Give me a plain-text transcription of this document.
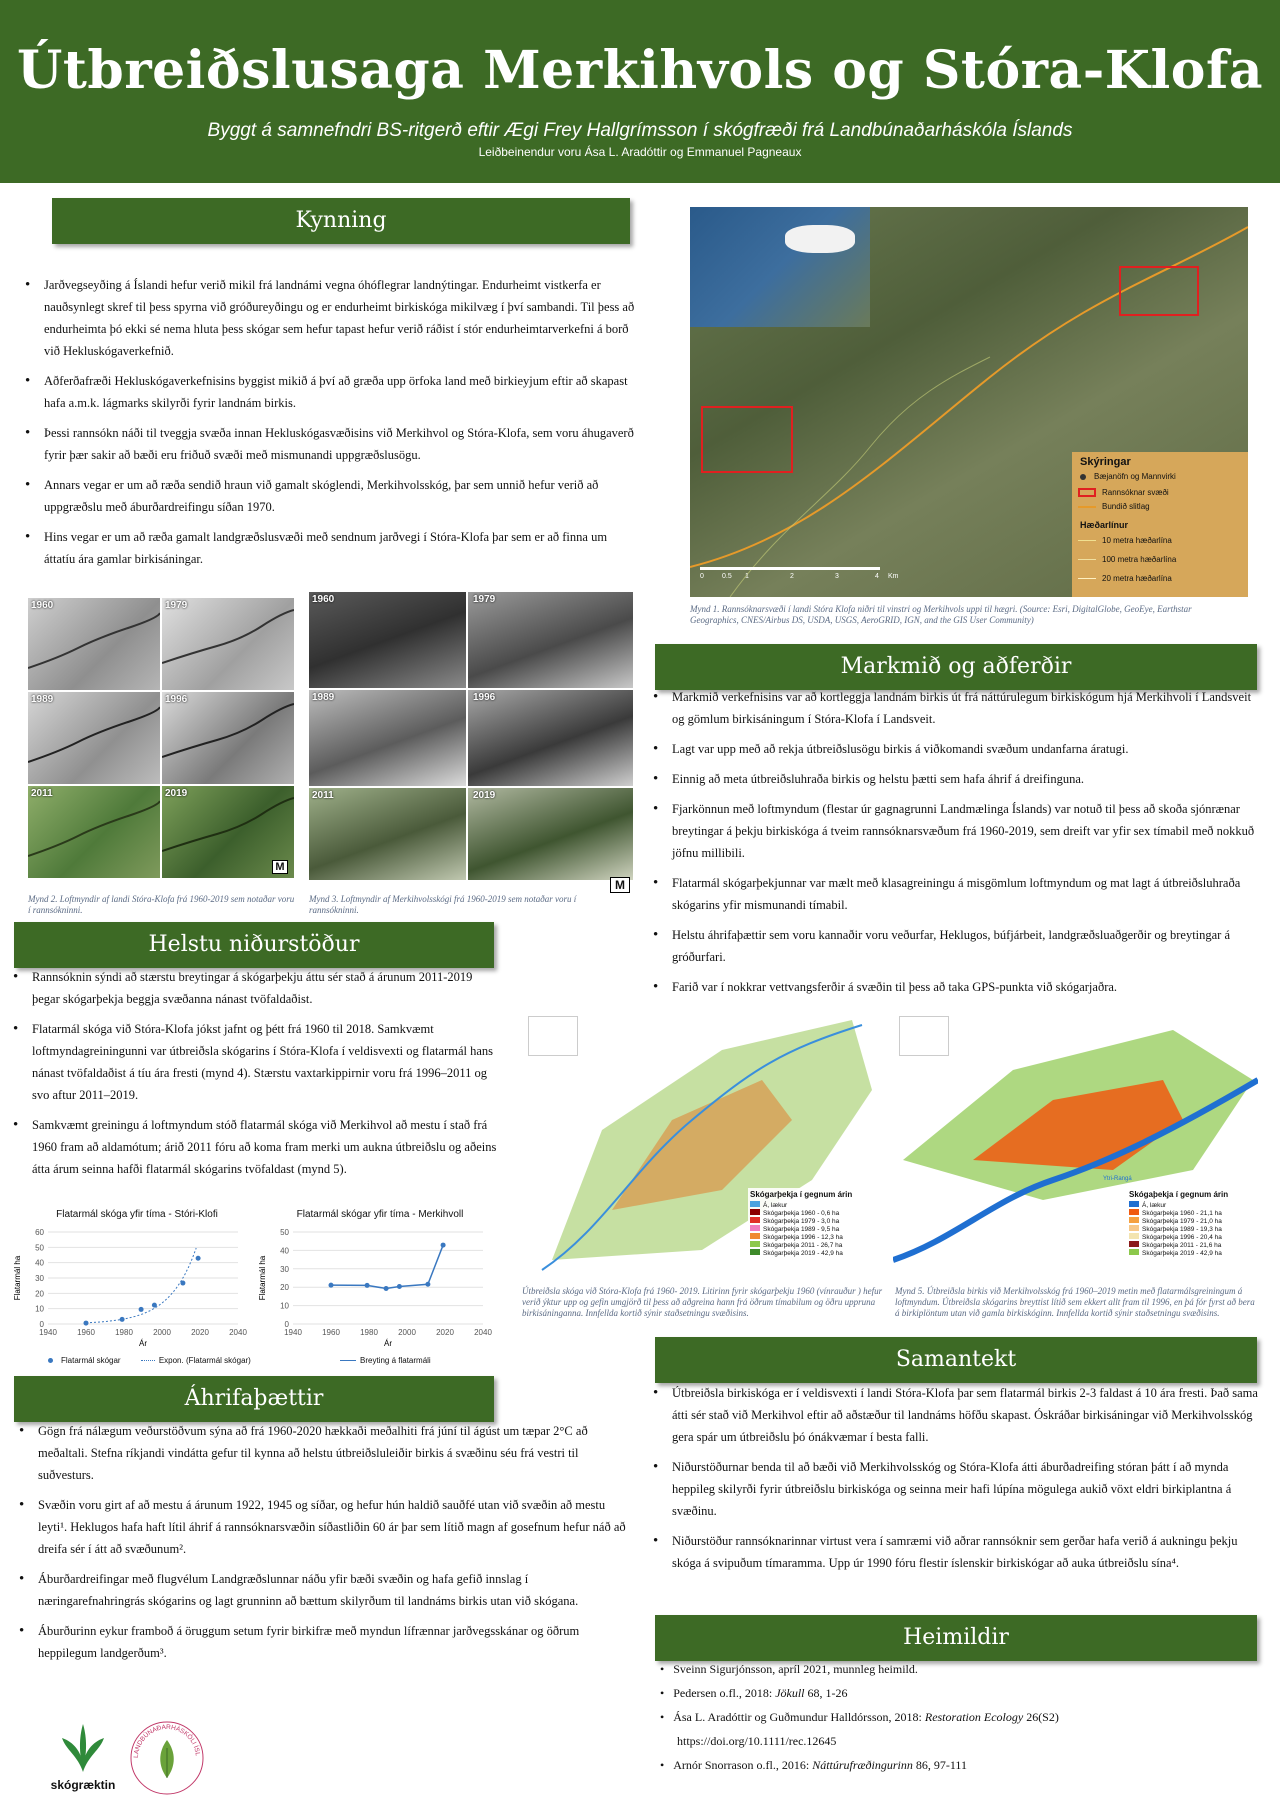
Útbreiðslusaga Merkihvols og Stóra-Klofa
Byggt á samnefndri BS-ritgerð eftir Ægi Frey Hallgrímsson í skógfræði frá Landbúnaðarháskóla Íslands
Leiðbeinendur voru Ása L. Aradóttir og Emmanuel Pagneaux
Kynning
• Jarðvegseyðing á Íslandi hefur verið mikil frá landnámi vegna óhóflegrar landnýtingar. Endurheimt vistkerfa er nauðsynlegt skref til þess spyrna við gróðureyðingu og er endurheimt birkiskóga mikilvæg í því sambandi. Til þess að endurheimta þó ekki sé nema hluta þess skógar sem hefur tapast hefur verið ráðist í stór endurheimtarverkefni á borð við Hekluskógaverkefnið.
• Aðferðafræði Hekluskógaverkefnisins byggist mikið á því að græða upp örfoka land með birkieyjum eftir að skapast hafa a.m.k. lágmarks skilyrði fyrir landnám birkis.
• Þessi rannsókn náði til tveggja svæða innan Hekluskógasvæðisins við Merkihvol og Stóra-Klofa, sem voru áhugaverð fyrir þær sakir að bæði eru friðuð svæði með mismunandi uppgræðslusögu.
• Annars vegar er um að ræða sendið hraun við gamalt skóglendi, Merkihvolsskóg, þar sem unnið hefur verið að uppgræðslu með áburðardreifingu síðan 1970.
• Hins vegar er um að ræða gamalt landgræðslusvæði með sendnum jarðvegi í Stóra-Klofa þar sem er að finna um áttatíu ára gamlar birkisáningar.
1960	1979
1989	1996
2011	2019
M
Mynd 2. Loftmyndir af landi Stóra-Klofa frá 1960-2019 sem notaðar voru í rannsókninni.
1960	1979
1989	1996
2011	2019
M
Mynd 3. Loftmyndir af Merkihvolsskógi frá 1960-2019 sem notaðar voru í rannsókninni.
Skýringar
Bæjanöfn og Mannvirki
Rannsóknar svæði
Bundið slitlag
Hæðarlínur
10 metra hæðarlína
100 metra hæðarlína
20 metra hæðarlína
0	0.5 1	2	3	4 Km
Mynd 1. Rannsóknarsvæði í landi Stóra Klofa niðri til vinstri og Merkihvols uppi til hægri. (Source: Esri, DigitalGlobe, GeoEye, Earthstar Geographics, CNES/Airbus DS, USDA, USGS, AeroGRID, IGN, and the GIS User Community)
Markmið og aðferðir
• Markmið verkefnisins var að kortleggja landnám birkis út frá náttúrulegum birkiskógum hjá Merkihvoli í Landsveit og gömlum birkisáningum í Stóra-Klofa í Landsveit.
• Lagt var upp með að rekja útbreiðslusögu birkis á viðkomandi svæðum undanfarna áratugi.
• Einnig að meta útbreiðsluhraða birkis og helstu þætti sem hafa áhrif á dreifinguna.
• Fjarkönnun með loftmyndum (flestar úr gagnagrunni Landmælinga Íslands) var notuð til þess að skoða sjónrænar breytingar á þekju birkiskóga á tveim rannsóknarsvæðum frá 1960-2019, sem dreift var yfir sex tímabil með nokkuð jöfnu millibili.
• Flatarmál skógarþekjunnar var mælt með klasagreiningu á misgömlum loftmyndum og mat lagt á útbreiðsluhraða skógarins yfir mismunandi tímabil.
• Helstu áhrifaþættir sem voru kannaðir voru veðurfar, Heklugos, búfjárbeit, landgræðsluaðgerðir og breytingar á gróðurfari.
• Farið var í nokkrar vettvangsferðir á svæðin til þess að taka GPS-punkta við skógarjaðra.
Skógarþekja í gegnum árin
Á, lækur
Skógarþekja 1960 - 0,6 ha
Skógarþekja 1979 - 3,0 ha
Skógarþekja 1989 - 9,5 ha
Skógarþekja 1996 - 12,3 ha
Skógarþekja 2011 - 26,7 ha
Skógarþekja 2019 - 42,9 ha
Ytri-Rangá
Skógaþekja í gegnum árin
Á, lækur
Skógarþekja 1960 - 21,1 ha
Skógarþekja 1979 - 21,0 ha
Skógarþekja 1989 - 19,3 ha
Skógarþekja 1996 - 20,4 ha
Skógarþekja 2011 - 21,6 ha
Skógarþekja 2019 - 42,9 ha
Útbreiðsla skóga við Stóra-Klofa frá 1960- 2019. Litirinn fyrir skógarþekju 1960 (vínrauður ) hefur verið ýktur upp og gefin umgjörð til þess að aðgreina hann frá öðrum tímabilum og öðru uppruna birkisáninganna. Innfellda kortið sýnir staðsetningu svæðisins.
Mynd 5. Útbreiðsla birkis við Merkihvolsskóg frá 1960–2019 metin með flatarmálsgreiningum á loftmyndum. Útbreiðsla skógarins breyttist lítið sem ekkert allt fram til 1996, en þá fór fyrst að bera á birkiplöntum utan við gamla birkiskóginn. Innfellda kortið sýnir staðsetningu svæðisins.
Helstu niðurstöður
• Rannsóknin sýndi að stærstu breytingar á skógarþekju áttu sér stað á árunum 2011-2019 þegar skógarþekja beggja svæðanna nánast tvöfaldaðist.
• Flatarmál skóga við Stóra-Klofa jókst jafnt og þétt frá 1960 til 2018. Samkvæmt loftmyndagreiningunni var útbreiðsla skógarins í Stóra-Klofa í veldisvexti og flatarmál hans nánast tvöfaldaðist á tíu ára fresti (mynd 4). Stærstu vaxtarkippirnir voru frá 1996–2011 og svo aftur 2011–2019.
• Samkvæmt greiningu á loftmyndum stóð flatarmál skóga við Merkihvol að mestu í stað frá 1960 fram að aldamótum; árið 2011 fóru að koma fram merki um aukna útbreiðslu og aðeins átta árum seinna hafði flatarmál skógarins tvöfaldast (mynd 5).
Flatarmál skóga yfir tíma - Stóri-Klofi
0
10
20
30
40
50
60
1940	1960	1980	2000	2020	2040
Ár
Flatarmál ha
Flatarmál skógar	Expon. (Flatarmál skógar)
Flatarmál skógar yfir tíma - Merkihvoll
0
10
20
30
40
50
1940	1960	1980	2000	2020	2040
Ár
Flatarmál ha
Breyting á flatarmáli
Áhrifaþættir
• Gögn frá nálægum veðurstöðvum sýna að frá 1960-2020 hækkaði meðalhiti frá júní til ágúst um tæpar 2°C að meðaltali. Stefna ríkjandi vindátta gefur til kynna að helstu útbreiðsluleiðir birkis á svæðinu séu frá vestri til suðvesturs.
• Svæðin voru girt af að mestu á árunum 1922, 1945 og síðar, og hefur hún haldið sauðfé utan við svæðin að mestu leyti¹. Heklugos hafa haft lítil áhrif á rannsóknarsvæðin síðastliðin 60 ár þar sem lítið magn af gosefnum hefur náð að dreifa sér í átt að svæðunum².
• Áburðardreifingar með flugvélum Landgræðslunnar náðu yfir bæði svæðin og hafa gefið innslag í næringarefnahringrás skógarins og lagt grunninn að bættum skilyrðum til landnáms birkis utan við skógana.
• Áburðurinn eykur framboð á öruggum setum fyrir birkifræ með myndun lífrænnar jarðvegsskánar og öðrum heppilegum landgerðum³.
Samantekt
• Útbreiðsla birkiskóga er í veldisvexti í landi Stóra-Klofa þar sem flatarmál birkis 2-3 faldast á 10 ára fresti. Það sama átti sér stað við Merkihvol eftir að aðstæður til landnáms höfðu skapast. Óskráðar birkisáningar við Merkihvolsskóg gera spár um útbreiðslu þó ónákvæmar í besta falli.
• Niðurstöðurnar benda til að bæði við Merkihvolsskóg og Stóra-Klofa átti áburðadreifing stóran þátt í að mynda heppileg skilyrði fyrir útbreiðslu birkiskóga og seinna meir hafi lúpína mögulega aukið vöxt eldri birkiplantna á svæðinu.
• Niðurstöður rannsóknarinnar virtust vera í samræmi við aðrar rannsóknir sem gerðar hafa verið á aukningu þekju skóga á svipuðum tímaramma. Upp úr 1990 fóru flestir íslenskir birkiskógar að auka útbreiðslu sína⁴.
Heimildir
•   Sveinn Sigurjónsson, apríl 2021, munnleg heimild.
•   Pedersen o.fl., 2018: Jökull 68, 1-26
•   Ása L. Aradóttir og Guðmundur Halldórsson, 2018: Restoration Ecology 26(S2)
https://doi.org/10.1111/rec.12645
•   Arnór Snorrason o.fl., 2016: Náttúrufræðingurinn 86, 97-111
skógræktin
LANDBÚNAÐARHÁSKÓLI ÍSL
